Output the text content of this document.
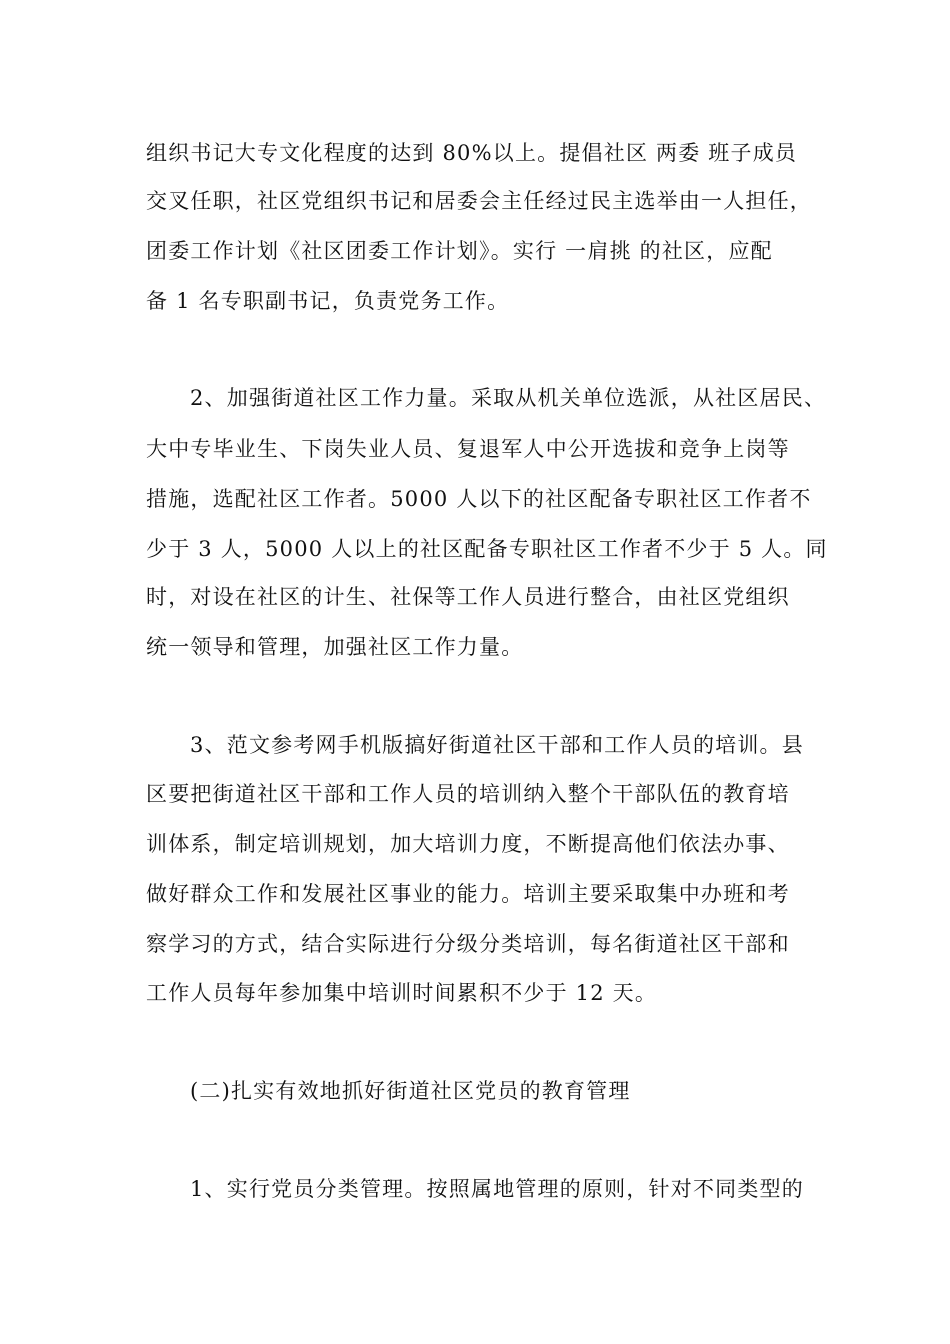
组织书记大专文化程度的达到 80%以上。提倡社区 两委 班子成员
交叉任职，社区党组织书记和居委会主任经过民主选举由一人担任，
团委工作计划《社区团委工作计划》。实行 一肩挑 的社区，应配
备 1 名专职副书记，负责党务工作。
2、加强街道社区工作力量。采取从机关单位选派，从社区居民、
大中专毕业生、下岗失业人员、复退军人中公开选拔和竞争上岗等
措施，选配社区工作者。5000 人以下的社区配备专职社区工作者不
少于 3 人，5000 人以上的社区配备专职社区工作者不少于 5 人。同
时，对设在社区的计生、社保等工作人员进行整合，由社区党组织
统一领导和管理，加强社区工作力量。
3、范文参考网手机版搞好街道社区干部和工作人员的培训。县
区要把街道社区干部和工作人员的培训纳入整个干部队伍的教育培
训体系，制定培训规划，加大培训力度，不断提高他们依法办事、
做好群众工作和发展社区事业的能力。培训主要采取集中办班和考
察学习的方式，结合实际进行分级分类培训，每名街道社区干部和
工作人员每年参加集中培训时间累积不少于 12 天。
(二)扎实有效地抓好街道社区党员的教育管理
1、实行党员分类管理。按照属地管理的原则，针对不同类型的
